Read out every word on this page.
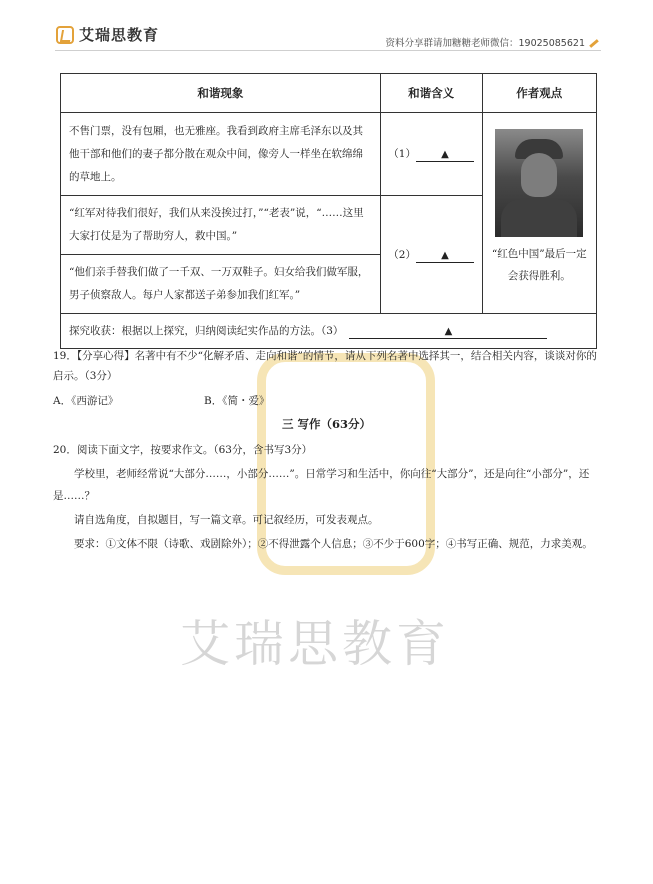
艾瑞思教育	资料分享群请加糖糖老师微信：19025085621
和谐现象	和谐含义	作者观点
不售门票，没有包厢，也无雅座。我看到政府主席毛泽东以及其他干部和他们的妻子都分散在观众中间，像旁人一样坐在软绵绵的草地上。	（1） ▲	“红色中国”最后一定会获得胜利。

“红军对待我们很好，我们从来没挨过打，”“老表”说，“……这里大家打仗是为了帮助穷人，救中国。”	（2） ▲	
“他们亲手替我们做了一千双、一万双鞋子。妇女给我们做军服，男子侦察敌人。每户人家都送子弟参加我们红军。”		
探究收获：根据以上探究，归纳阅读纪实作品的方法。（3） ▲		
19．【分享心得】名著中有不少“化解矛盾、走向和谐”的情节，请从下列名著中选择其一，结合相关内容，谈谈对你的启示。（3分）
A．《西游记》	B．《简・爱》
三 写作（63分）
20．阅读下面文字，按要求作文。（63分，含书写3分）
学校里，老师经常说“大部分……，小部分……”。日常学习和生活中，你向往“大部分”，还是向往“小部分”，还是……？
请自选角度，自拟题目，写一篇文章。可记叙经历，可发表观点。
要求：①文体不限（诗歌、戏剧除外）；②不得泄露个人信息；③不少于600字；④书写正确、规范，力求美观。
艾瑞思教育
